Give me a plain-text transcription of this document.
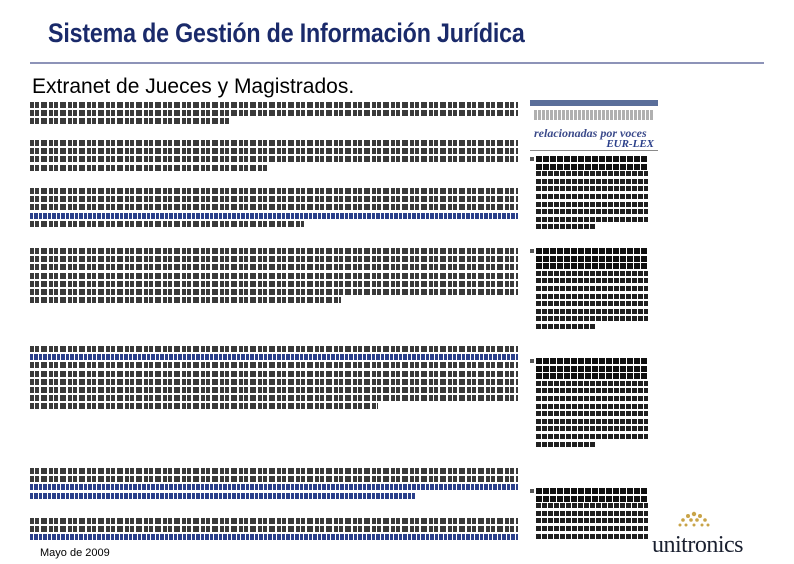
Sistema de Gestión de Información Jurídica
Extranet de Jueces y Magistrados.
relacionadas por voces
EUR-LEX
Mayo de 2009	unitronics
